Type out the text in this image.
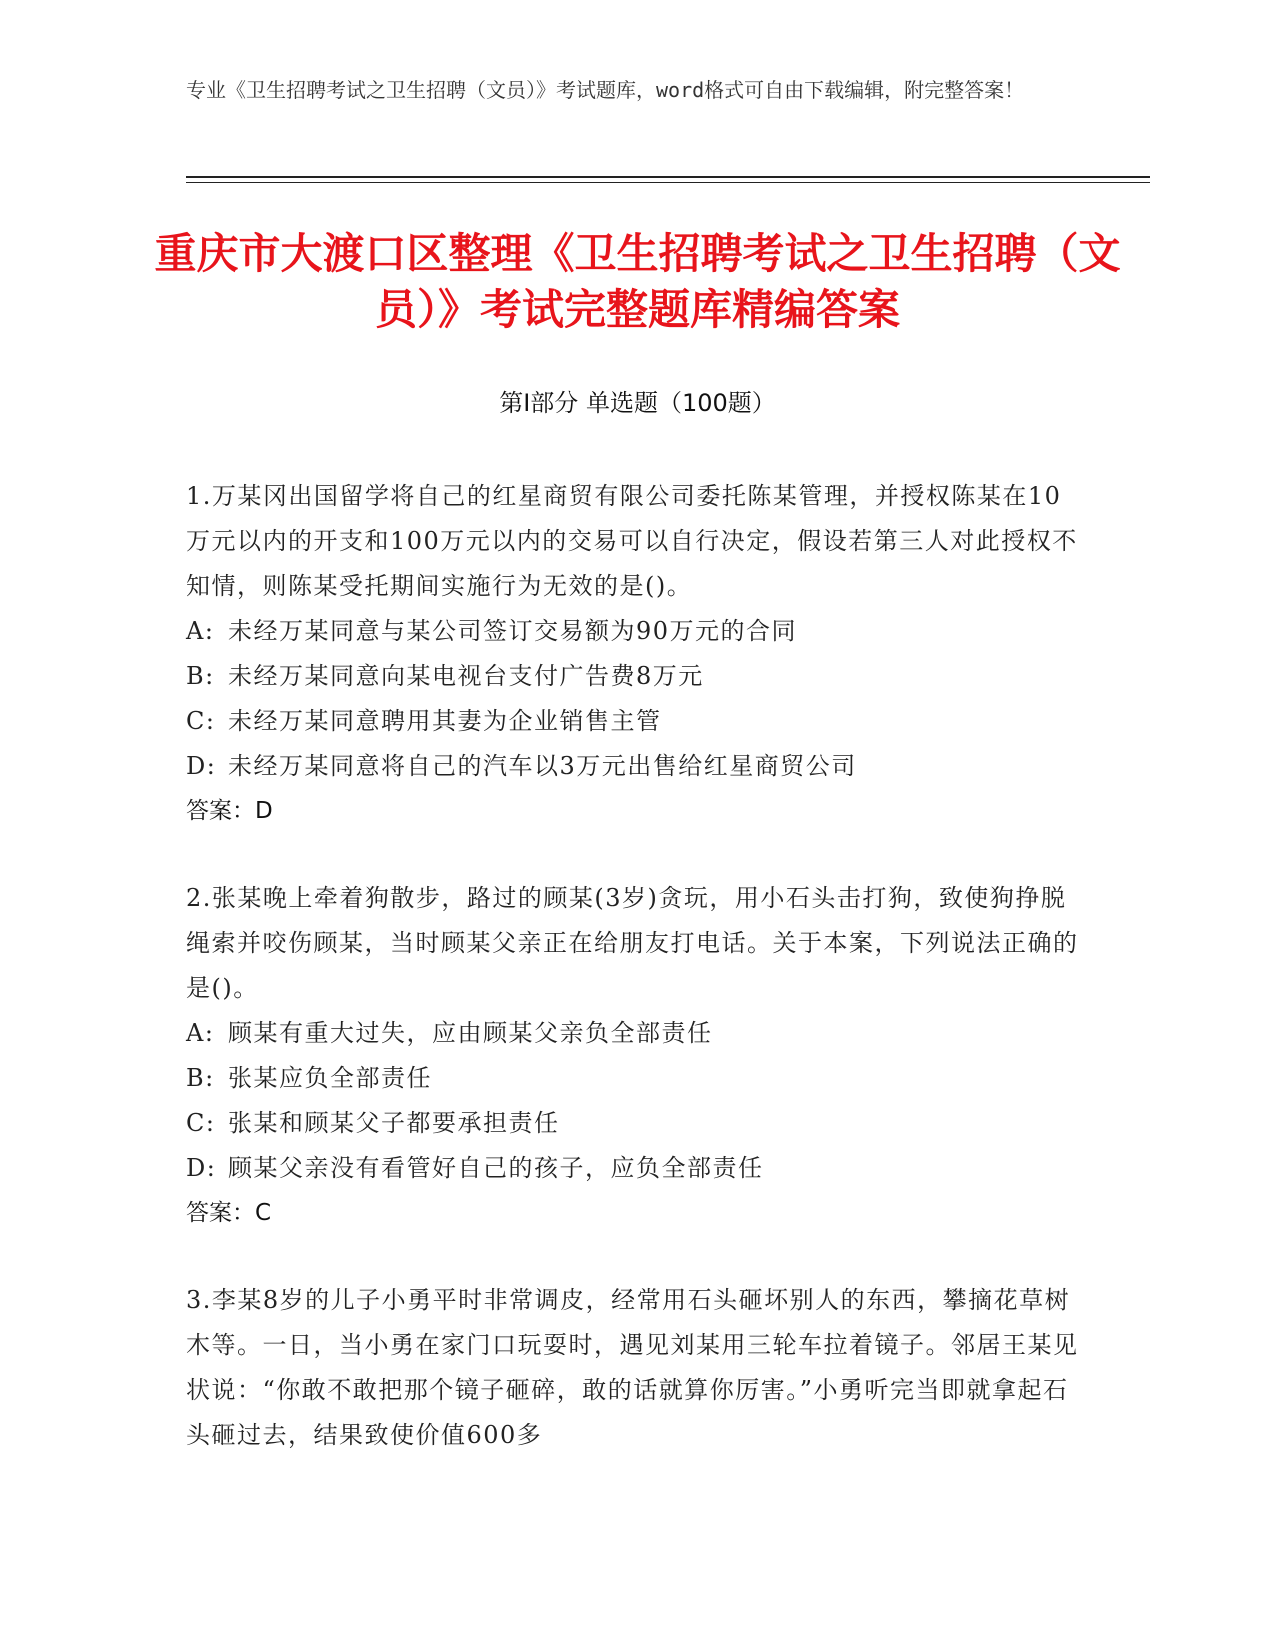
专业《卫生招聘考试之卫生招聘（文员）》考试题库，word格式可自由下载编辑，附完整答案！
重庆市大渡口区整理《卫生招聘考试之卫生招聘（文员）》考试完整题库精编答案
第Ⅰ部分 单选题（100题）
1.万某冈出国留学将自己的红星商贸有限公司委托陈某管理，并授权陈某在10万元以内的开支和100万元以内的交易可以自行决定，假设若第三人对此授权不知情，则陈某受托期间实施行为无效的是()。
A: 未经万某同意与某公司签订交易额为90万元的合同
B: 未经万某同意向某电视台支付广告费8万元
C: 未经万某同意聘用其妻为企业销售主管
D: 未经万某同意将自己的汽车以3万元出售给红星商贸公司
答案：D
2.张某晚上牵着狗散步，路过的顾某(3岁)贪玩，用小石头击打狗，致使狗挣脱绳索并咬伤顾某，当时顾某父亲正在给朋友打电话。关于本案，下列说法正确的是()。
A: 顾某有重大过失，应由顾某父亲负全部责任
B: 张某应负全部责任
C: 张某和顾某父子都要承担责任
D: 顾某父亲没有看管好自己的孩子，应负全部责任
答案：C
3.李某8岁的儿子小勇平时非常调皮，经常用石头砸坏别人的东西，攀摘花草树木等。一日，当小勇在家门口玩耍时，遇见刘某用三轮车拉着镜子。邻居王某见状说：“你敢不敢把那个镜子砸碎，敢的话就算你厉害。”小勇听完当即就拿起石头砸过去，结果致使价值600多
